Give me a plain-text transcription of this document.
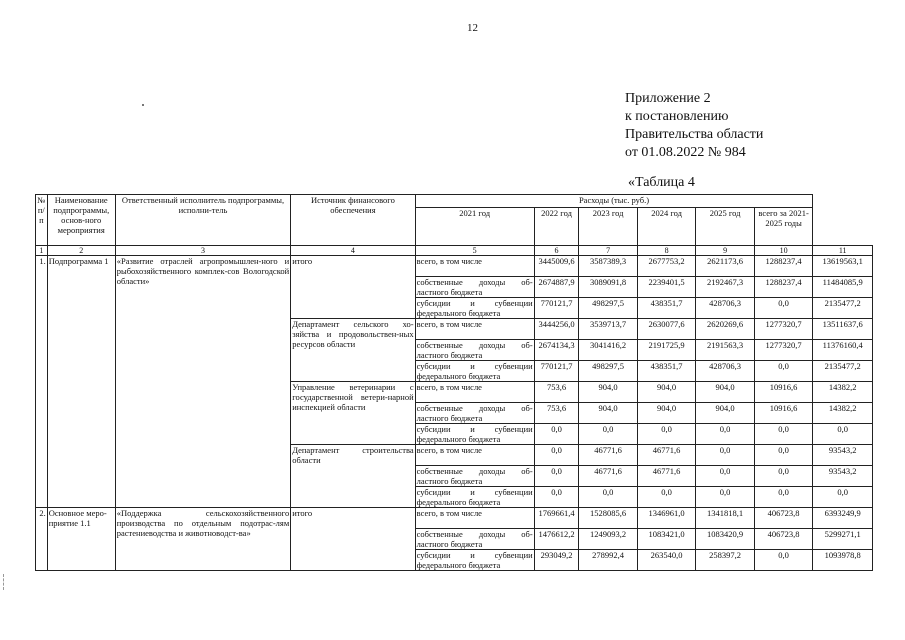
12
Приложение 2
к постановлению
Правительства области
от 01.08.2022 № 984
«Таблица 4
№ п/п	Наименование подпрограммы, основ-ного мероприятия	Ответственный исполнитель подпрограммы, исполни-тель	Источник финансового обеспечения	Расходы (тыс. руб.)						
				2021 год	2022 год	2023 год	2024 год	2025 год	всего за 2021-2025 годы	
1	2	3	4	5	6	7	8	9	10	11
1.	Подпрограмма 1	«Развитие отраслей агропромышлен-ного и рыбохозяйственного комплек-сов Вологодской области»	итого	всего, в том числе	3445009,6	3587389,3	2677753,2	2621173,6	1288237,4	13619563,1
				собственные доходы об-ластного бюджета	2674887,9	3089091,8	2239401,5	2192467,3	1288237,4	11484085,9
				субсидии и субвенции федерального бюджета	770121,7	498297,5	438351,7	428706,3	0,0	2135477,2
			Департамент сельского хо-зяйства и продовольствен-ных ресурсов области	всего, в том числе	3444256,0	3539713,7	2630077,6	2620269,6	1277320,7	13511637,6
				собственные доходы об-ластного бюджета	2674134,3	3041416,2	2191725,9	2191563,3	1277320,7	11376160,4
				субсидии и субвенции федерального бюджета	770121,7	498297,5	438351,7	428706,3	0,0	2135477,2
			Управление ветеринарии с государственной ветери-нарной инспекцией области	всего, в том числе	753,6	904,0	904,0	904,0	10916,6	14382,2
				собственные доходы об-ластного бюджета	753,6	904,0	904,0	904,0	10916,6	14382,2
				субсидии и субвенции федерального бюджета	0,0	0,0	0,0	0,0	0,0	0,0
			Департамент строительства области	всего, в том числе	0,0	46771,6	46771,6	0,0	0,0	93543,2
				собственные доходы об-ластного бюджета	0,0	46771,6	46771,6	0,0	0,0	93543,2
				субсидии и субвенции федерального бюджета	0,0	0,0	0,0	0,0	0,0	0,0
2.	Основное меро-приятие 1.1	«Поддержка сельскохозяйственного производства по отдельным подотрас-лям растениеводства и животноводст-ва»	итого	всего, в том числе	1769661,4	1528085,6	1346961,0	1341818,1	406723,8	6393249,9
				собственные доходы об-ластного бюджета	1476612,2	1249093,2	1083421,0	1083420,9	406723,8	5299271,1
				субсидии и субвенции федерального бюджета	293049,2	278992,4	263540,0	258397,2	0,0	1093978,8
